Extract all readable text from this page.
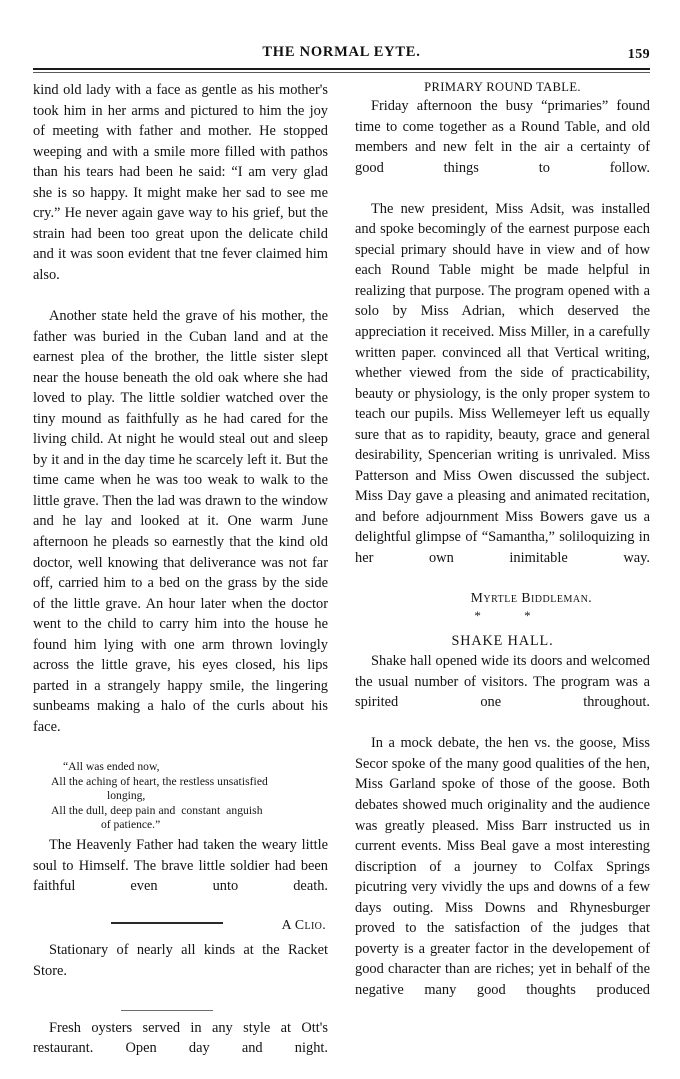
THE NORMAL EYTE.	159

kind old lady with a face as gentle as his mother's took him in her arms and pictured to him the joy of meeting with father and mother. He stopped weeping and with a smile more filled with pathos than his tears had been he said: “I am very glad she is so happy. It might make her sad to see me cry.” He never again gave way to his grief, but the strain had been too great upon the delicate child and it was soon evident that tne fever claimed him also.

Another state held the grave of his mother, the father was buried in the Cuban land and at the earnest plea of the brother, the little sister slept near the house beneath the old oak where she had loved to play. The little soldier watched over the tiny mound as faithfully as he had cared for the living child. At night he would steal out and sleep by it and in the day time he scarcely left it. But the time came when he was too weak to walk to the little grave. Then the lad was drawn to the window and he lay and looked at it. One warm June afternoon he pleads so earnestly that the kind old doctor, well knowing that deliverance was not far off, carried him to a bed on the grass by the side of the little grave. An hour later when the doctor went to the child to carry him into the house he found him lying with one arm thrown lovingly across the little grave, his eyes closed, his lips parted in a strangely happy smile, the lingering sunbeams making a halo of the curls about his face.

“All was ended now,
All the aching of heart, the restless unsatisfied
longing,
All the dull, deep pain and  constant  anguish
of patience.”

The Heavenly Father had taken the weary little soul to Himself. The brave little soldier had been faithful even unto death.

A Clio.

Stationary of nearly all kinds at the Racket Store.

Fresh oysters served in any style at Ott's restaurant. Open day and night.

PRIMARY ROUND TABLE.

Friday afternoon the busy “primaries” found time to come together as a Round Table, and old members and new felt in the air a certainty of good things to follow.

The new president, Miss Adsit, was installed and spoke becomingly of the earnest purpose each special primary should have in view and of how each Round Table might be made helpful in realizing that purpose. The program opened with a solo by Miss Adrian, which deserved the appreciation it received. Miss Miller, in a carefully written paper. convinced all that Vertical writing, whether viewed from the side of practicability, beauty or physiology, is the only proper system to teach our pupils. Miss Wellemeyer left us equally sure that as to rapidity, beauty, grace and general desirability, Spencerian writing is unrivaled. Miss Patterson and Miss Owen discussed the subject. Miss Day gave a pleasing and animated recitation, and before adjournment Miss Bowers gave us a delightful glimpse of “Samantha,” soliloquizing in her own inimitable way.

Myrtle Biddleman.
* *
SHAKE HALL.

Shake hall opened wide its doors and welcomed the usual number of visitors. The program was a spirited one throughout.

In a mock debate, the hen vs. the goose, Miss Secor spoke of the many good qualities of the hen, Miss Garland spoke of those of the goose. Both debates showed much originality and the audience was greatly pleased. Miss Barr instructed us in current events. Miss Beal gave a most interesting discription of a journey to Colfax Springs picutring very vividly the ups and downs of a few days outing. Miss Downs and Rhynesburger proved to the satisfaction of the judges that poverty is a greater factor in the developement of good character than are riches; yet in behalf of the negative many good thoughts produced
